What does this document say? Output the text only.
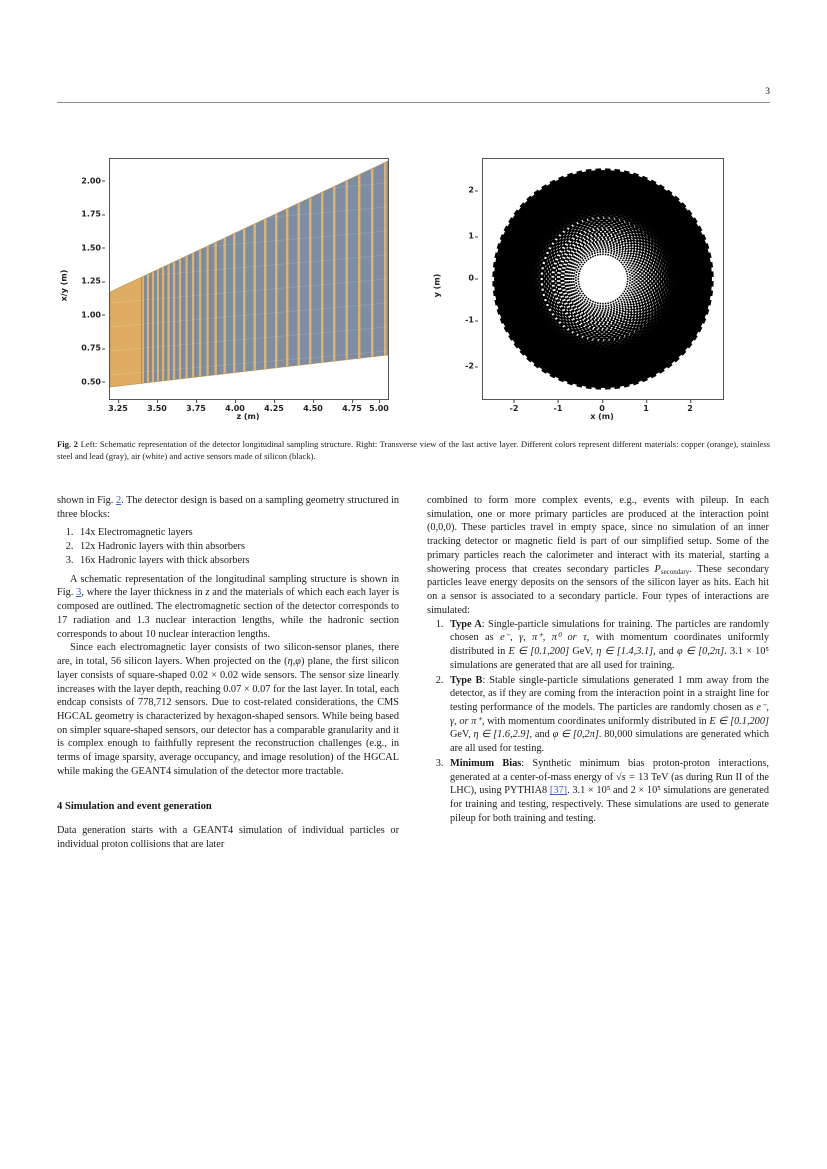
3
x/y (m)
0.50
0.75
1.00
1.25
1.50
1.75
2.00
3.25 3.50 3.75 4.00 4.25 4.50 4.75 5.00
z (m)
y (m)
-2
-1
0
1
2
-2	-1	0	1	2
x (m)
Fig. 2 Left: Schematic representation of the detector longitudinal sampling structure. Right: Transverse view of the last active layer. Different colors represent different materials: copper (orange), stainless steel and lead (gray), air (white) and active sensors made of silicon (black).

shown in Fig. 2. The detector design is based on a sampling geometry structured in three blocks:

1. 14x Electromagnetic layers
2. 12x Hadronic layers with thin absorbers
3. 16x Hadronic layers with thick absorbers

A schematic representation of the longitudinal sampling structure is shown in Fig. 3, where the layer thickness in z and the materials of which each each layer is composed are outlined. The electromagnetic section of the detector corresponds to 17 radiation and 1.3 nuclear interaction lengths, while the hadronic section corresponds to about 10 nuclear interaction lengths.

Since each electromagnetic layer consists of two silicon-sensor planes, there are, in total, 56 silicon layers. When projected on the (η,φ) plane, the first silicon layer consists of square-shaped 0.02 × 0.02 wide sensors. The sensor size linearly increases with the layer depth, reaching 0.07 × 0.07 for the last layer. In total, each endcap consists of 778,712 sensors. Due to cost-related considerations, the CMS HGCAL geometry is characterized by hexagon-shaped sensors. While being based on simpler square-shaped sensors, our detector has a comparable granularity and it is complex enough to faithfully represent the reconstruction challenges (e.g., in terms of image sparsity, average occupancy, and image resolution) of the HGCAL while making the GEANT4 simulation of the detector more tractable.

4 Simulation and event generation

Data generation starts with a GEANT4 simulation of individual particles or individual proton collisions that are later

combined to form more complex events, e.g., events with pileup. In each simulation, one or more primary particles are produced at the interaction point (0,0,0). These particles travel in empty space, since no simulation of an inner tracking detector or magnetic field is part of our simplified setup. Some of the primary particles reach the calorimeter and interact with its material, starting a showering process that creates secondary particles $P_{secondary}$. These secondary particles leave energy deposits on the sensors of the silicon layer as hits. Each hit on a sensor is associated to a secondary particle. Four types of interactions are simulated:

1. Type A: Single-particle simulations for training. The particles are randomly chosen as e⁻, γ, π⁺, π⁰ or τ, with momentum coordinates uniformly distributed in E ∈ [0.1,200] GeV, η ∈ [1.4,3.1], and φ ∈ [0,2π]. 3.1 × 10⁵ simulations are generated that are all used for training.
2. Type B: Stable single-particle simulations generated 1 mm away from the detector, as if they are coming from the interaction point in a straight line for testing performance of the models. The particles are randomly chosen as e⁻, γ, or π⁺, with momentum coordinates uniformly distributed in E ∈ [0.1,200] GeV, η ∈ [1.6,2.9], and φ ∈ [0,2π]. 80,000 simulations are generated which are all used for testing.
3. Minimum Bias: Synthetic minimum bias proton-proton interactions, generated at a center-of-mass energy of √s = 13 TeV (as during Run II of the LHC), using PYTHIA8 [37]. 3.1 × 10⁵ and 2 × 10⁵ simulations are generated for training and testing, respectively. These simulations are used to generate pileup for both training and testing.
